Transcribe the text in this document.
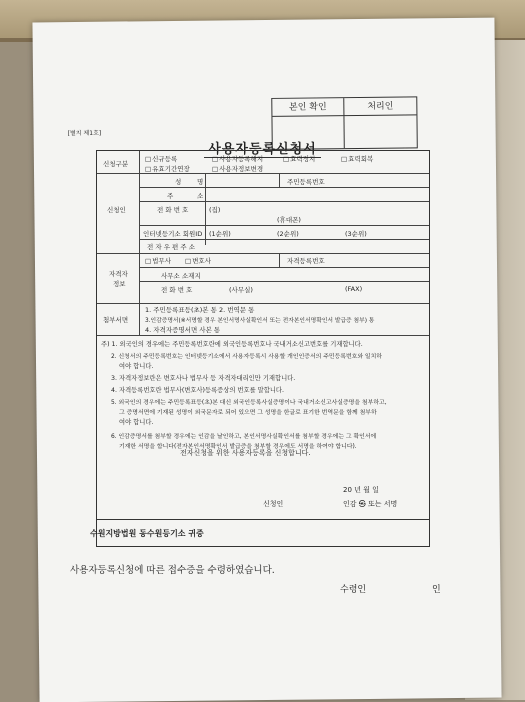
본인 확인	처리인
[별지 제1호]
사용자등록신청서
신청구분
□ 신규등록	□ 사용자등록해지	□ 효력정지	□ 효력회복
□ 유효기간연장	□ 사용자정보변경
신청인
성 명	주민등록번호
주	소
전 화 번 호	(집)
(휴대폰)
인터넷등기소 회원ID (1순위)	(2순위)	(3순위)
전 자 우 편 주 소
자격자
정보
□ 법무사	□ 변호사	자격등록번호
사무소 소재지
전 화 번 호	(사무실)	(FAX)
첨부서면
1. 주민등록표등(초)본 통 2. 번역문 통
3.인감증명서(※서명할 경우 본인서명사실확인서 또는 전자본인서명확인서 발급증 첨부) 통
4. 자격자증명서면 사본 통
주) 1. 외국인의 경우에는 주민등록번호란에 외국인등록번호나 국내거소신고번호를 기재합니다.
2. 신청서의 주민등록번호는 인터넷등기소에서 사용자등록시 사용할 개인인증서의 주민등록번호와 일치하
여야 합니다.
3. 자격자정보란은 변호사나 법무사 등 자격자대리인만 기재합니다.
4. 자격등록번호란 법무사(변호사)등록증상의 번호를 말합니다.
5. 외국인의 경우에는 주민등록표등(초)본 대신 외국인등록사실증명이나 국내거소신고사실증명을 첨부하고,
그 증명서면에 기재된 성명이 외국문자로 되어 있으면 그 성명을 한글로 표기한 번역문을 함께 첨부하
여야 합니다.
6. 인감증명서를 첨부할 경우에는 인감을 날인하고, 본인서명사실확인서를 첨부할 경우에는 그 확인서에
기재한 서명을 합니다(전자본인서명확인서 발급증을 첨부할 경우에도 서명을 하여야 합니다).
20 년 월 일
신청인	인감 ㉿ 또는 서명
전자신청을 위한 사용자등록을 신청합니다.
수원지방법원 동수원등기소 귀중
사용자등록신청에 따른 접수증을 수령하였습니다.
수령인	인
